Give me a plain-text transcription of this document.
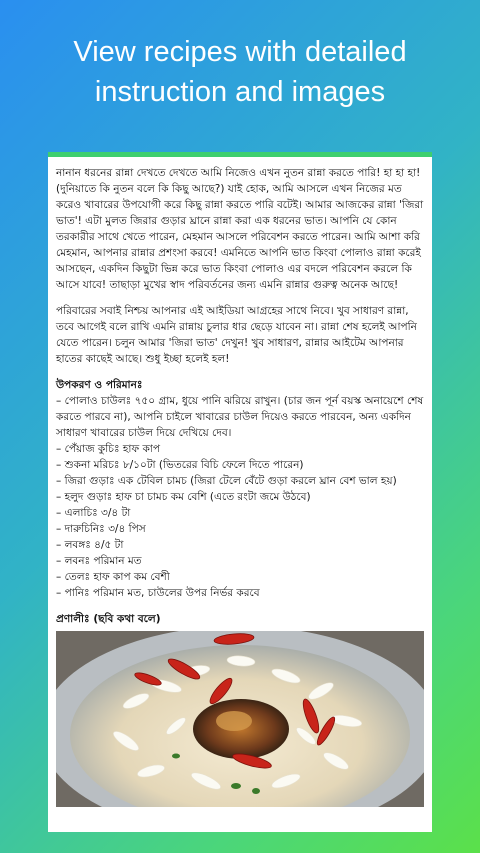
View recipes with detailed
instruction and images

নানান ধরনের রান্না দেখতে দেখতে আমি নিজেও এখন নুতন রান্না করতে পারি! হা হা হা! (দুনিয়াতে কি নুতন বলে কি কিছু আছে?) যাই হোক, আমি আসলে এখন নিজের মত করেও খাবারের উপযোগী করে কিছু রান্না করতে পারি বটেই। আমার আজকের রান্না 'জিরা ভাত'! এটা মুলত জিরার গুড়ার ঘ্রানে রান্না করা এক ধরনের ভাত। আপনি যে কোন তরকারীর সাথে খেতে পারেন, মেহমান আসলে পরিবেশন করতে পারেন। আমি আশা করি মেহমান, আপনার রান্নার প্রশংসা করবে! এমনিতে আপনি ভাত কিংবা পোলাও রান্না করেই আসছেন, একদিন কিছুটা ভিন্ন করে ভাত কিংবা পোলাও এর বদলে পরিবেশন করলে কি আসে যাবে! তাছাড়া মুখের স্বাদ পরিবর্তনের জন্য এমনি রান্নার গুরুত্ব অনেক আছে!

পরিবারের সবাই নিশ্চয় আপনার এই আইডিয়া আগ্রহের সাথে নিবে। খুব সাধারণ রান্না, তবে আগেই বলে রাখি এমনি রান্নায় চুলার ধার ছেড়ে যাবেন না। রান্না শেষ হলেই আপনি যেতে পারেন। চলুন আমার 'জিরা ভাত' দেখুন! খুব সাধারণ, রান্নার আইটেম আপনার হাতের কাছেই আছে। শুধু ইচ্ছা হলেই হল!

উপকরণ ও পরিমানঃ
– পোলাও চাউলঃ ৭৫০ গ্রাম, ধুয়ে পানি ঝরিয়ে রাখুন। (চার জন পূর্ন বয়স্ক অনায়েশে শেষ করতে পারবে না), আপনি চাইলে খাবারের চাউল দিয়েও করতে পারবেন, অন্য একদিন সাধারণ খাবারের চাউল দিয়ে দেখিয়ে দেব।
– পেঁয়াজ কুচিঃ হাফ কাপ
– শুকনা মরিচঃ ৮/১০টা (ভিতরের বিচি ফেলে দিতে পারেন)
– জিরা গুড়াঃ এক টেবিল চামচ (জিরা টেলে বেঁটে গুড়া করলে ঘ্রান বেশ ভাল হয়)
– হলুদ গুড়াঃ হাফ চা চামচ কম বেশি (এতে রংটা জমে উঠবে)
– এলাচিঃ ৩/৪ টা
– দারুচিনিঃ ৩/৪ পিস
– লবঙ্গঃ ৪/৫ টা
– লবনঃ পরিমান মত
– তেলঃ হাফ কাপ কম বেশী
– পানিঃ পরিমান মত, চাউলের উপর নির্ভর করবে
প্রণালীঃ (ছবি কথা বলে)
